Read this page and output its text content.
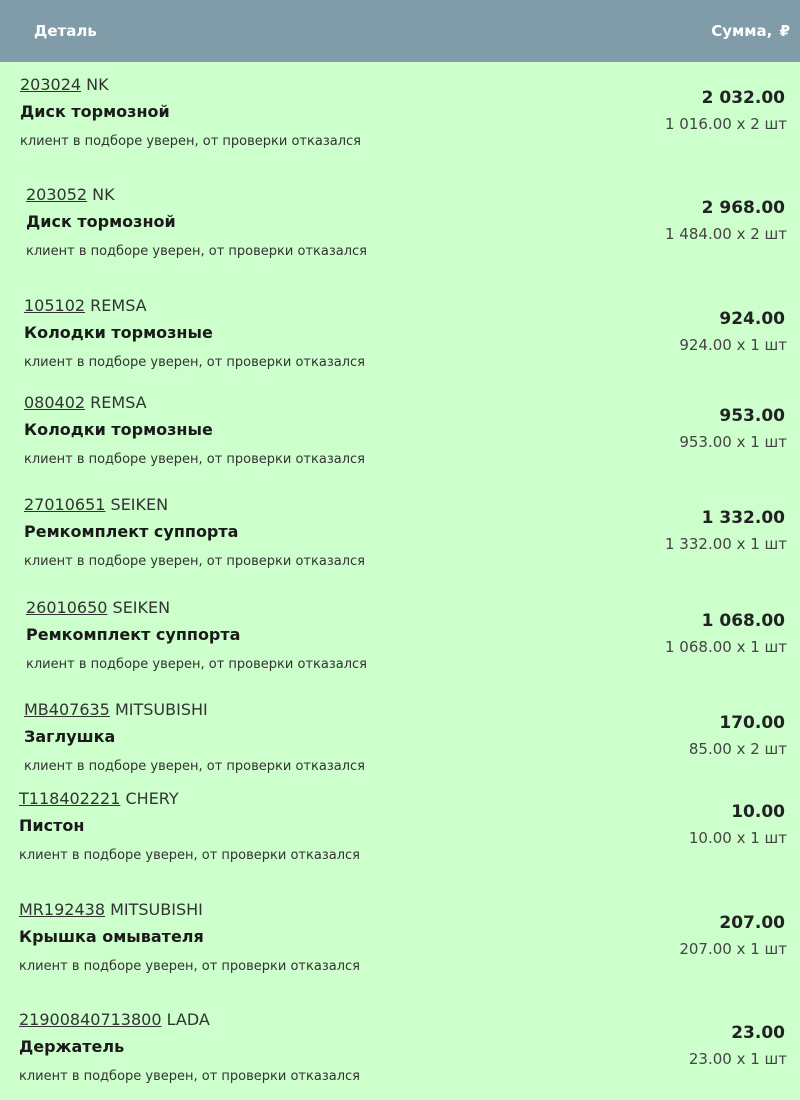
Деталь	Сумма, ₽
203024 NK
Диск тормозной
клиент в подборе уверен, от проверки отказался
2 032.00
1 016.00 x 2 шт
203052 NK
Диск тормозной
клиент в подборе уверен, от проверки отказался
2 968.00
1 484.00 x 2 шт
105102 REMSA
Колодки тормозные
клиент в подборе уверен, от проверки отказался
924.00
924.00 x 1 шт
080402 REMSA
Колодки тормозные
клиент в подборе уверен, от проверки отказался
953.00
953.00 x 1 шт
27010651 SEIKEN
Ремкомплект суппорта
клиент в подборе уверен, от проверки отказался
1 332.00
1 332.00 x 1 шт
26010650 SEIKEN
Ремкомплект суппорта
клиент в подборе уверен, от проверки отказался
1 068.00
1 068.00 x 1 шт
MB407635 MITSUBISHI
Заглушка
клиент в подборе уверен, от проверки отказался
170.00
85.00 x 2 шт
T118402221 CHERY
Пистон
клиент в подборе уверен, от проверки отказался
10.00
10.00 x 1 шт
MR192438 MITSUBISHI
Крышка омывателя
клиент в подборе уверен, от проверки отказался
207.00
207.00 x 1 шт
21900840713800 LADA
Держатель
клиент в подборе уверен, от проверки отказался
23.00
23.00 x 1 шт
